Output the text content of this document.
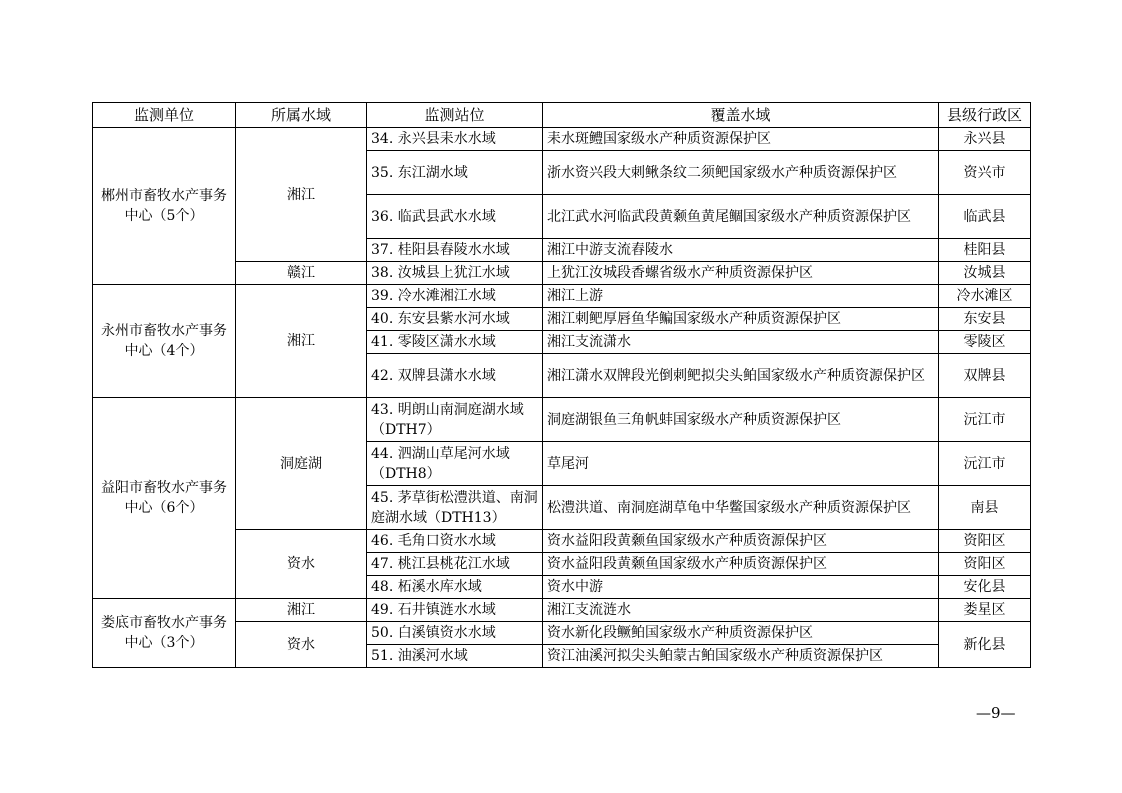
监测单位	所属水域	监测站位	覆盖水域	县级行政区
郴州市畜牧水产事务中心（5个）	湘江	34. 永兴县耒水水域	耒水斑鳢国家级水产种质资源保护区	永兴县
		35. 东江湖水域	浙水资兴段大刺鳅条纹二须鲃国家级水产种质资源保护区	资兴市
		36. 临武县武水水域	北江武水河临武段黄颡鱼黄尾鲴国家级水产种质资源保护区	临武县
		37. 桂阳县舂陵水水域	湘江中游支流舂陵水	桂阳县
	赣江	38. 汝城县上犹江水域	上犹江汝城段香螺省级水产种质资源保护区	汝城县
永州市畜牧水产事务中心（4个）	湘江	39. 冷水滩湘江水域	湘江上游	冷水滩区
		40. 东安县紫水河水域	湘江刺鲃厚唇鱼华鳊国家级水产种质资源保护区	东安县
		41. 零陵区潇水水域	湘江支流潇水	零陵区
		42. 双牌县潇水水域	湘江潇水双牌段光倒刺鲃拟尖头鲌国家级水产种质资源保护区	双牌县
益阳市畜牧水产事务中心（6个）	洞庭湖	43. 明朗山南洞庭湖水域（DTH7）	洞庭湖银鱼三角帆蚌国家级水产种质资源保护区	沅江市
		44. 泗湖山草尾河水域（DTH8）	草尾河	沅江市
		45. 茅草街松澧洪道、南洞庭湖水域（DTH13）	松澧洪道、南洞庭湖草龟中华鳖国家级水产种质资源保护区	南县
	资水	46. 毛角口资水水域	资水益阳段黄颡鱼国家级水产种质资源保护区	资阳区
		47. 桃江县桃花江水域	资水益阳段黄颡鱼国家级水产种质资源保护区	资阳区
		48. 柘溪水库水域	资水中游	安化县
娄底市畜牧水产事务中心（3个）	湘江	49. 石井镇涟水水域	湘江支流涟水	娄星区
	资水	50. 白溪镇资水水域	资水新化段鳜鲌国家级水产种质资源保护区	新化县
		51. 油溪河水域	资江油溪河拟尖头鲌蒙古鲌国家级水产种质资源保护区	
—9—
